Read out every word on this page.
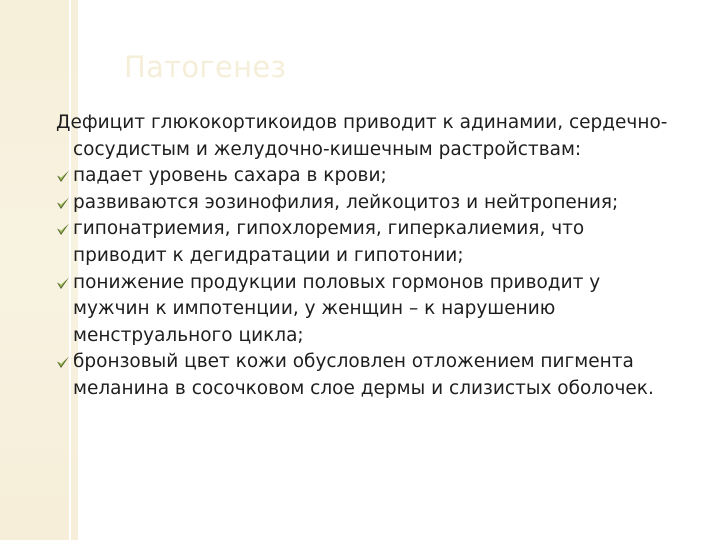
Патогенез
Дефицит глюкокортикоидов приводит к адинамии, сердечно-сосудистым и желудочно-кишечным растройствам:
падает уровень сахара в крови;
развиваются эозинофилия, лейкоцитоз и нейтропения;
гипонатриемия, гипохлоремия, гиперкалиемия, что приводит к дегидратации и гипотонии;
понижение продукции половых гормонов приводит у мужчин к импотенции, у женщин – к нарушению менструального цикла;
бронзовый цвет кожи обусловлен отложением пигмента меланина в сосочковом слое дермы и слизистых оболочек.
